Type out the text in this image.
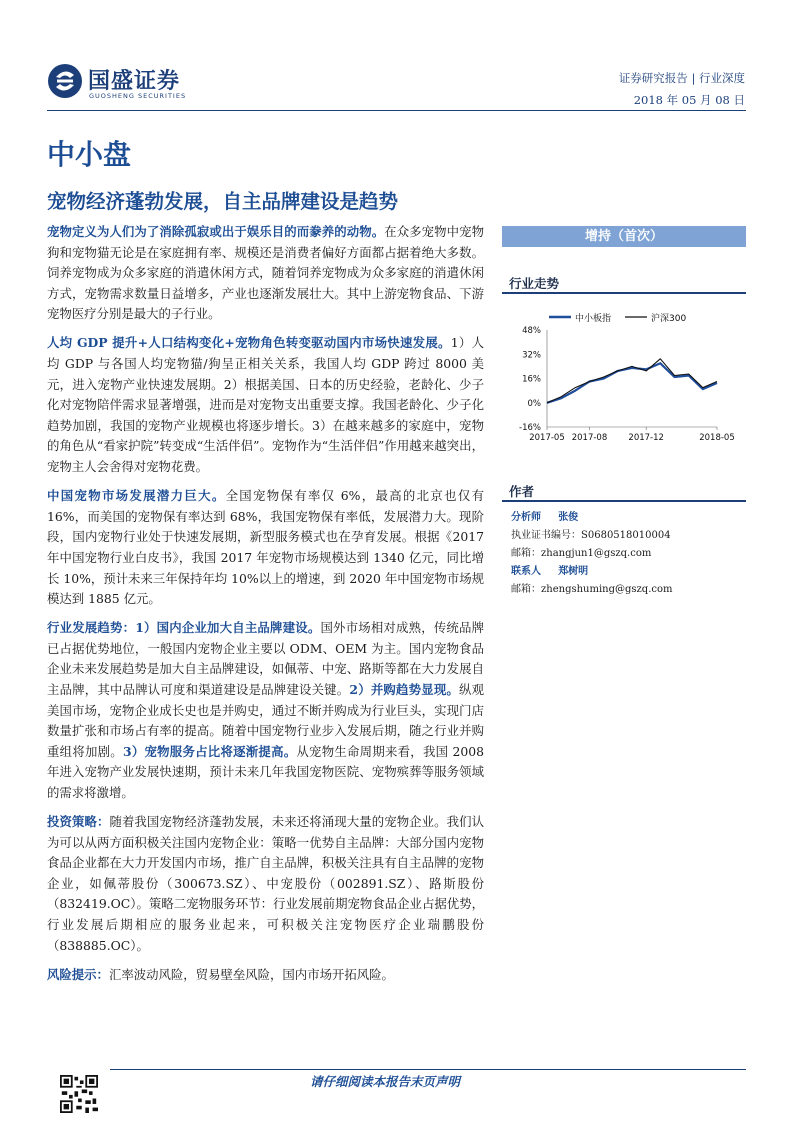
国盛证券
GUOSHENG SECURITIES
证券研究报告 | 行业深度
2018 年 05 月 08 日
中小盘
宠物经济蓬勃发展，自主品牌建设是趋势

宠物定义为人们为了消除孤寂或出于娱乐目的而豢养的动物。在众多宠物中宠物狗和宠物猫无论是在家庭拥有率、规模还是消费者偏好方面都占据着绝大多数。饲养宠物成为众多家庭的消遣休闲方式，随着饲养宠物成为众多家庭的消遣休闲方式，宠物需求数量日益增多，产业也逐渐发展壮大。其中上游宠物食品、下游宠物医疗分别是最大的子行业。

人均 GDP 提升+人口结构变化+宠物角色转变驱动国内市场快速发展。1）人均 GDP 与各国人均宠物猫/狗呈正相关关系，我国人均 GDP 跨过 8000 美元，进入宠物产业快速发展期。2）根据美国、日本的历史经验，老龄化、少子化对宠物陪伴需求显著增强，进而是对宠物支出重要支撑。我国老龄化、少子化趋势加剧，我国的宠物产业规模也将逐步增长。3）在越来越多的家庭中，宠物的角色从“看家护院”转变成“生活伴侣”。宠物作为“生活伴侣”作用越来越突出，宠物主人会舍得对宠物花费。

中国宠物市场发展潜力巨大。全国宠物保有率仅 6%，最高的北京也仅有 16%，而美国的宠物保有率达到 68%，我国宠物保有率低，发展潜力大。现阶段，国内宠物行业处于快速发展期，新型服务模式也在孕育发展。根据《2017 年中国宠物行业白皮书》，我国 2017 年宠物市场规模达到 1340 亿元，同比增长 10%，预计未来三年保持年均 10%以上的增速，到 2020 年中国宠物市场规模达到 1885 亿元。

行业发展趋势：1）国内企业加大自主品牌建设。国外市场相对成熟，传统品牌已占据优势地位，一般国内宠物企业主要以 ODM、OEM 为主。国内宠物食品企业未来发展趋势是加大自主品牌建设，如佩蒂、中宠、路斯等都在大力发展自主品牌，其中品牌认可度和渠道建设是品牌建设关键。2）并购趋势显现。纵观美国市场，宠物企业成长史也是并购史，通过不断并购成为行业巨头，实现门店数量扩张和市场占有率的提高。随着中国宠物行业步入发展后期，随之行业并购重组将加剧。3）宠物服务占比将逐渐提高。从宠物生命周期来看，我国 2008 年进入宠物产业发展快速期，预计未来几年我国宠物医院、宠物殡葬等服务领域的需求将激增。

投资策略：随着我国宠物经济蓬勃发展，未来还将涌现大量的宠物企业。我们认为可以从两方面积极关注国内宠物企业：策略一优势自主品牌：大部分国内宠物食品企业都在大力开发国内市场，推广自主品牌，积极关注具有自主品牌的宠物企业，如佩蒂股份（300673.SZ）、中宠股份（002891.SZ）、路斯股份（832419.OC）。策略二宠物服务环节：行业发展前期宠物食品企业占据优势，行业发展后期相应的服务业起来，可积极关注宠物医疗企业瑞鹏股份（838885.OC）。

风险提示：汇率波动风险，贸易壁垒风险，国内市场开拓风险。

增持（首次）
行业走势
中小板指	沪深300
48%
32%
16%
0%
-16%
2017-05 2017-08 2017-12	2018-05
作者
分析师 张俊
执业证书编号：S0680518010004
邮箱：zhangjun1@gszq.com
联系人 郑树明
邮箱：zhengshuming@gszq.com
请仔细阅读本报告末页声明
